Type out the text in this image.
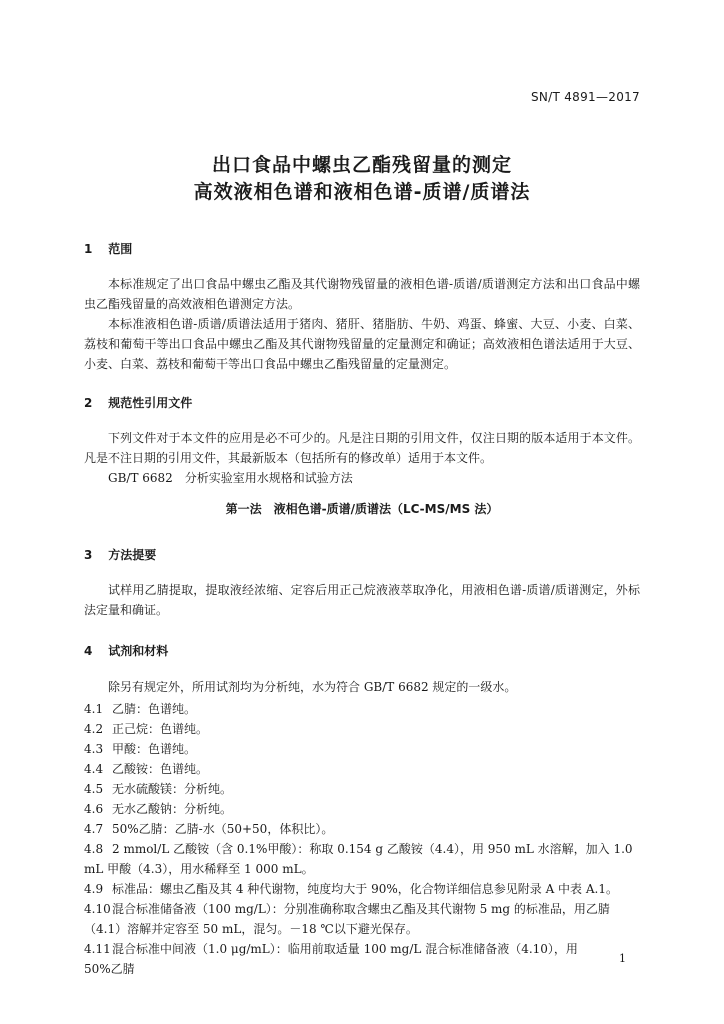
SN/T 4891—2017
出口食品中螺虫乙酯残留量的测定
高效液相色谱和液相色谱-质谱/质谱法
1 范围
本标准规定了出口食品中螺虫乙酯及其代谢物残留量的液相色谱-质谱/质谱测定方法和出口食品中螺虫乙酯残留量的高效液相色谱测定方法。
本标准液相色谱-质谱/质谱法适用于猪肉、猪肝、猪脂肪、牛奶、鸡蛋、蜂蜜、大豆、小麦、白菜、荔枝和葡萄干等出口食品中螺虫乙酯及其代谢物残留量的定量测定和确证；高效液相色谱法适用于大豆、小麦、白菜、荔枝和葡萄干等出口食品中螺虫乙酯残留量的定量测定。
2 规范性引用文件
下列文件对于本文件的应用是必不可少的。凡是注日期的引用文件，仅注日期的版本适用于本文件。凡是不注日期的引用文件，其最新版本（包括所有的修改单）适用于本文件。
GB/T 6682　分析实验室用水规格和试验方法
第一法　液相色谱-质谱/质谱法（LC-MS/MS 法）
3 方法提要
试样用乙腈提取，提取液经浓缩、定容后用正己烷液液萃取净化，用液相色谱-质谱/质谱测定，外标法定量和确证。
4 试剂和材料
除另有规定外，所用试剂均为分析纯，水为符合 GB/T 6682 规定的一级水。
4.1 乙腈：色谱纯。
4.2 正己烷：色谱纯。
4.3 甲酸：色谱纯。
4.4 乙酸铵：色谱纯。
4.5 无水硫酸镁：分析纯。
4.6 无水乙酸钠：分析纯。
4.7 50%乙腈：乙腈-水（50+50，体积比）。
4.8 2 mmol/L 乙酸铵（含 0.1%甲酸）：称取 0.154 g 乙酸铵（4.4），用 950 mL 水溶解，加入 1.0 mL 甲酸（4.3），用水稀释至 1 000 mL。
4.9 标准品：螺虫乙酯及其 4 种代谢物，纯度均大于 90%，化合物详细信息参见附录 A 中表 A.1。
4.10混合标准储备液（100 mg/L）：分别准确称取含螺虫乙酯及其代谢物 5 mg 的标准品，用乙腈（4.1）溶解并定容至 50 mL，混匀。－18 ℃以下避光保存。
4.11混合标准中间液（1.0 μg/mL）：临用前取适量 100 mg/L 混合标准储备液（4.10），用 50%乙腈
1
